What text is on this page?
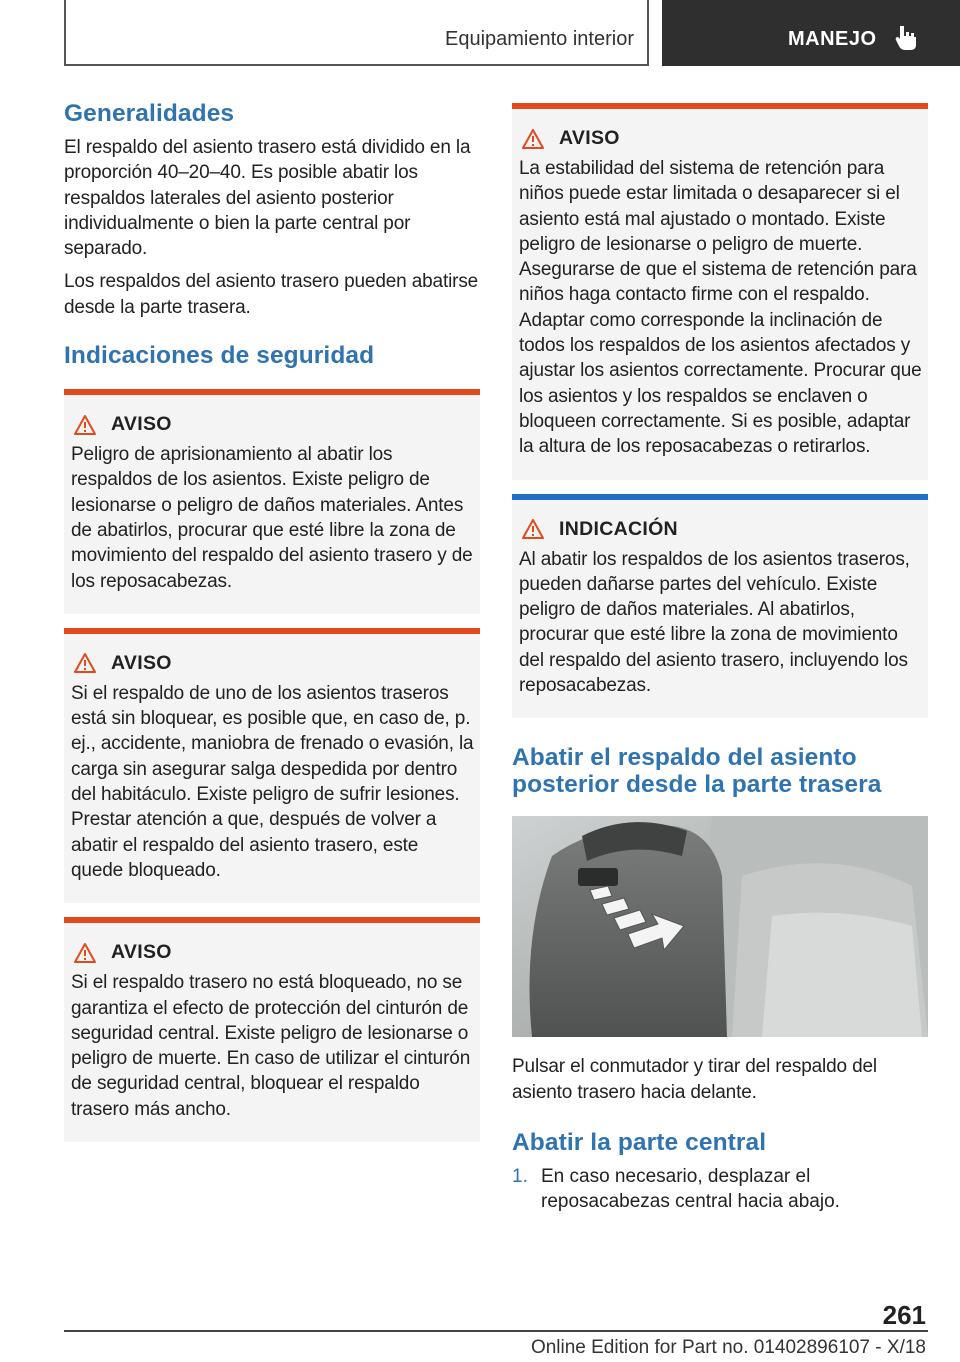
Equipamiento interior	MANEJO
Generalidades

El respaldo del asiento trasero está dividido en la proporción 40–20–40. Es posible abatir los respaldos laterales del asiento posterior individualmente o bien la parte central por separado.

Los respaldos del asiento trasero pueden abatirse desde la parte trasera.

Indicaciones de seguridad
AVISO

Peligro de aprisionamiento al abatir los respaldos de los asientos. Existe peligro de lesionarse o peligro de daños materiales. Antes de abatirlos, procurar que esté libre la zona de movimiento del respaldo del asiento trasero y de los reposacabezas.

AVISO

Si el respaldo de uno de los asientos traseros está sin bloquear, es posible que, en caso de, p. ej., accidente, maniobra de frenado o evasión, la carga sin asegurar salga despedida por dentro del habitáculo. Existe peligro de sufrir lesiones. Prestar atención a que, después de volver a abatir el respaldo del asiento trasero, este quede bloqueado.

AVISO

Si el respaldo trasero no está bloqueado, no se garantiza el efecto de protección del cinturón de seguridad central. Existe peligro de lesionarse o peligro de muerte. En caso de utilizar el cinturón de seguridad central, bloquear el respaldo trasero más ancho.

AVISO

La estabilidad del sistema de retención para niños puede estar limitada o desaparecer si el asiento está mal ajustado o montado. Existe peligro de lesionarse o peligro de muerte. Asegurarse de que el sistema de retención para niños haga contacto firme con el respaldo. Adaptar como corresponde la inclinación de todos los respaldos de los asientos afectados y ajustar los asientos correctamente. Procurar que los asientos y los respaldos se enclaven o bloqueen correctamente. Si es posible, adaptar la altura de los reposacabezas o retirarlos.

INDICACIÓN

Al abatir los respaldos de los asientos traseros, pueden dañarse partes del vehículo. Existe peligro de daños materiales. Al abatirlos, procurar que esté libre la zona de movimiento del respaldo del asiento trasero, incluyendo los reposacabezas.

Abatir el respaldo del asiento posterior desde la parte trasera

Pulsar el conmutador y tirar del respaldo del asiento trasero hacia delante.

Abatir la parte central
1. En caso necesario, desplazar el reposacabezas central hacia abajo.
261
Online Edition for Part no. 01402896107 - X/18
